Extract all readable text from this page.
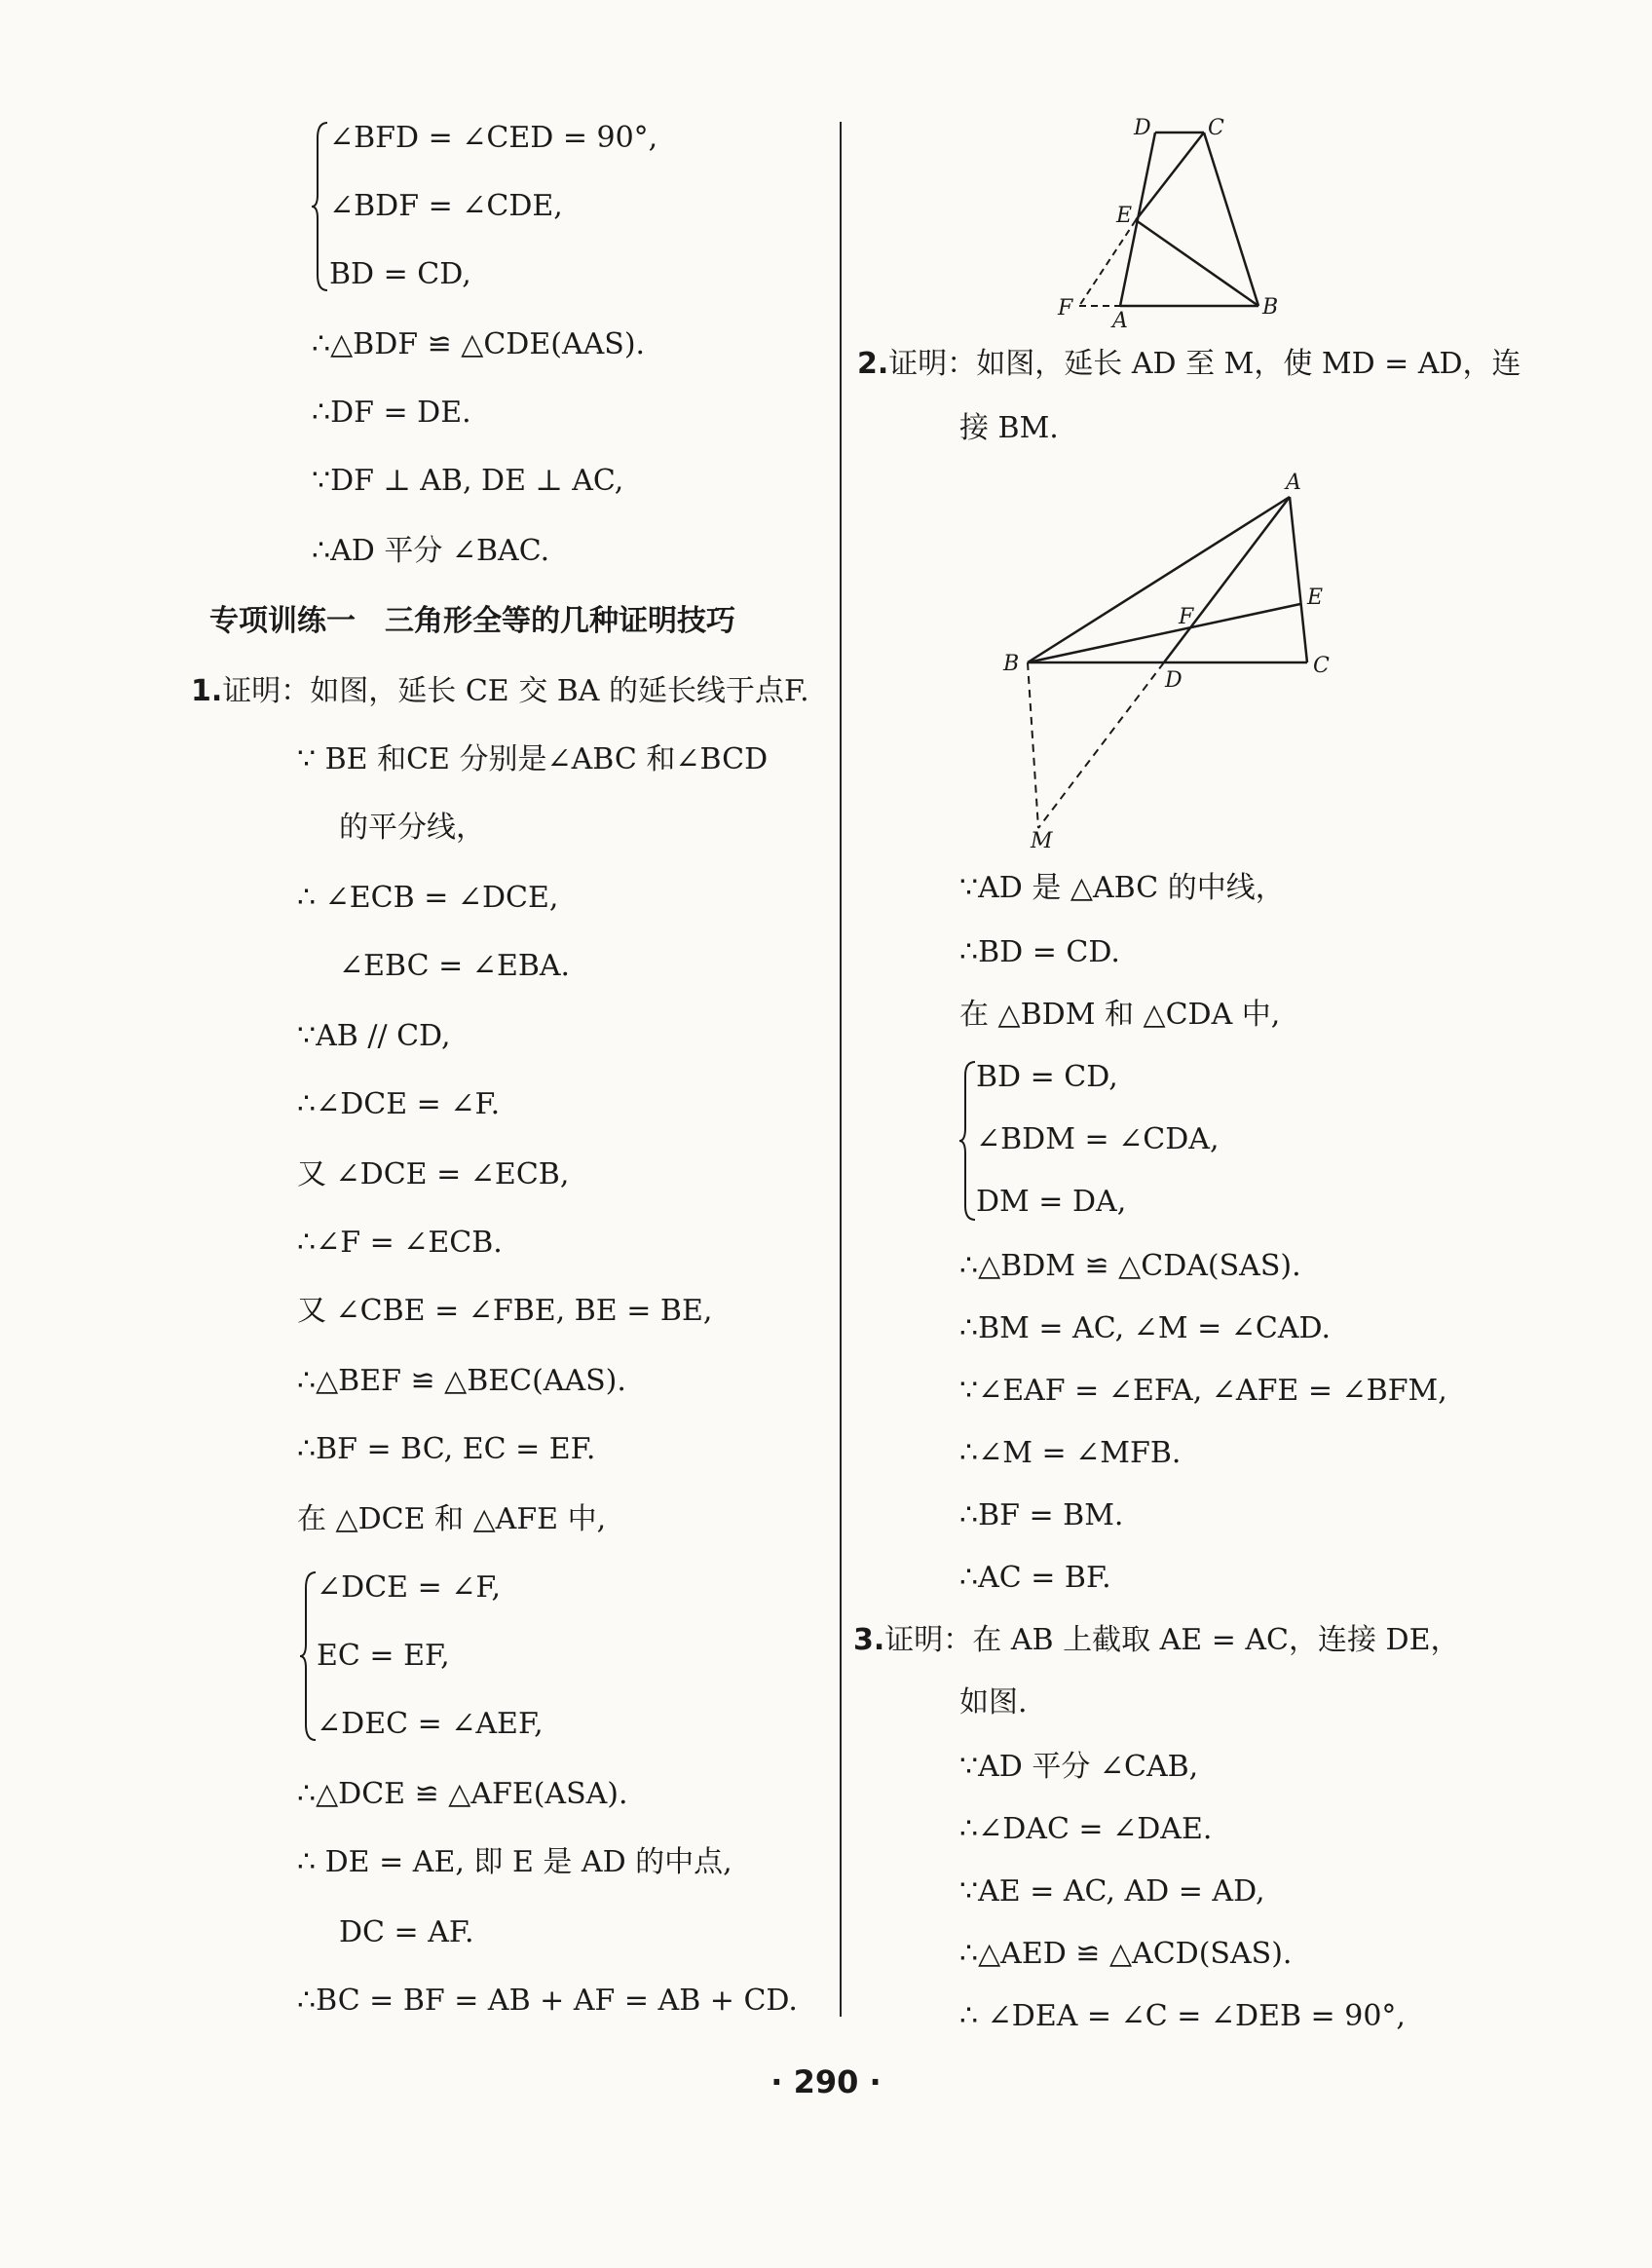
∠BFD = ∠CED = 90°,
∠BDF = ∠CDE,
BD = CD,
∴△BDF ≌ △CDE(AAS).
∴DF = DE.
∵DF ⊥ AB, DE ⊥ AC,
∴AD 平分 ∠BAC.
专项训练一　三角形全等的几种证明技巧
1.证明：如图，延长 CE 交 BA 的延长线于点F.
∵ BE 和CE 分别是∠ABC 和∠BCD
的平分线，
∴ ∠ECB = ∠DCE,
∠EBC = ∠EBA.
∵AB // CD,
∴∠DCE = ∠F.
又 ∠DCE = ∠ECB,
∴∠F = ∠ECB.
又 ∠CBE = ∠FBE, BE = BE,
∴△BEF ≌ △BEC(AAS).
∴BF = BC, EC = EF.
在 △DCE 和 △AFE 中,
∠DCE = ∠F,
EC = EF,
∠DEC = ∠AEF,
∴△DCE ≌ △AFE(ASA).
∴ DE = AE, 即 E 是 AD 的中点,
DC = AF.
∴BC = BF = AB + AF = AB + CD.
D	C
E
F
A
B
2.证明：如图，延长 AD 至 M，使 MD = AD，连
接 BM.
A
E
F
B	C
D
M
∵AD 是 △ABC 的中线，
∴BD = CD.
在 △BDM 和 △CDA 中,
BD = CD,
∠BDM = ∠CDA,
DM = DA,
∴△BDM ≌ △CDA(SAS).
∴BM = AC, ∠M = ∠CAD.
∵∠EAF = ∠EFA, ∠AFE = ∠BFM,
∴∠M = ∠MFB.
∴BF = BM.
∴AC = BF.
3.证明：在 AB 上截取 AE = AC，连接 DE，
如图.
∵AD 平分 ∠CAB,
∴∠DAC = ∠DAE.
∵AE = AC, AD = AD,
∴△AED ≌ △ACD(SAS).
∴ ∠DEA = ∠C = ∠DEB = 90°,
· 290 ·
